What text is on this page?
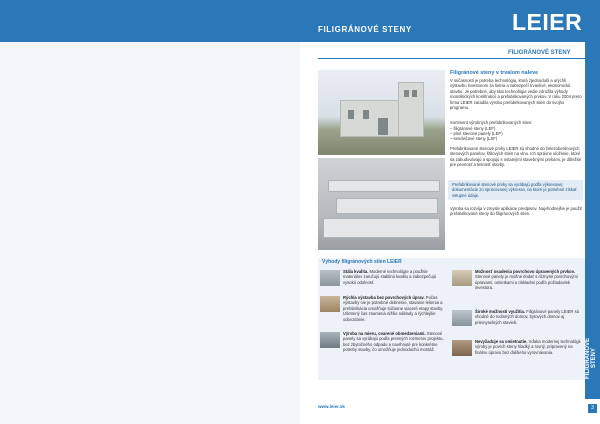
FILIGRÁNOVÉ STENY	LEIER
FILIGRÁNOVÉ STENY
Filigránové steny v trvalom naleve
V súčasnosti je potreba technológia, ktorá zjednoduší a urýchlí výstavbu investorom za šetria a zabezpečí trvanlivé, ekonomickú stavbu. Je potrebné, aby táto technológia vedie združila výhody monolitických konštrukcií a prefabrikovaných prvkov. V roku 2004 preto firma LEIER zaradila výrobu prefabrikovaných stien do svojho programu.
Sortiment výrobných prefabrikovaných stien:
– filigránové steny (LEF)
– plné stenové panely (LEP)
– sendvičové steny (LSF)
Prefabrikované stenové prvky LEIER sú vhodné do železobetónových stenových panelov, štítových stien na vlnu. Ich správne uloženie, ktoré sa zabudovávajú a spojujú s ostatnými stavebnými prvkami, je dôležité pre pevnosť a tesnosť stavby.
Prefabrikované stenové prvky sa vyrábajú podľa výkresovej dokumentácie zo spracovanej výkresov, na ktoré je potrebné získať vstupné údaje.
Výroba sa rozvíja v zmysle aplikácie predpisov. Najvhodnejšie je použiť prefabrikované steny do filigránových stien.
Výhody filigránových stien LEIER
Stála kvalita. Moderné technológie a použitie materiálov zaručujú stabilnú kvalitu a zabezpečujú vysokú odolnosť.
Rýchla výstavba bez povrchových úprav. Počas výstavby nie je potrebné debnenie, stavanie lešenia a prefabrikácia umožňuje súčasne viaceré etapy stavby. Ušetrený čas znamená nižšie náklady a rýchlejšie odovzdanie.
Výroba na mieru, ovarené obmedzeniami. Stenové panely sa vyrábajú podľa presných rozmerov projektu, bez zbytočného odpadu a navrhnuté pre konkrétne potreby stavby, čo umožňuje jednoduchú montáž.
Možnosť osadenia povrchovo úpravených prvkov. Stenové panely je možné dodať s rôznymi povrchovými úpravami, omietkami a obkladmi podľa požiadaviek investora.
Široké možnosti využitia. Filigránové panely LEIER sú vhodné do rodinných domov, bytových domov aj priemyselných stavieb.
Nevyžaduje sa omietnutie. Vďaka modernej technológii výroby je povrch steny hladký a rovný, pripravený na finálnu úpravu bez ďalšieho vyrovnávania.	FILIGRÁNOVÉ STENY
3
www.leier.sk
